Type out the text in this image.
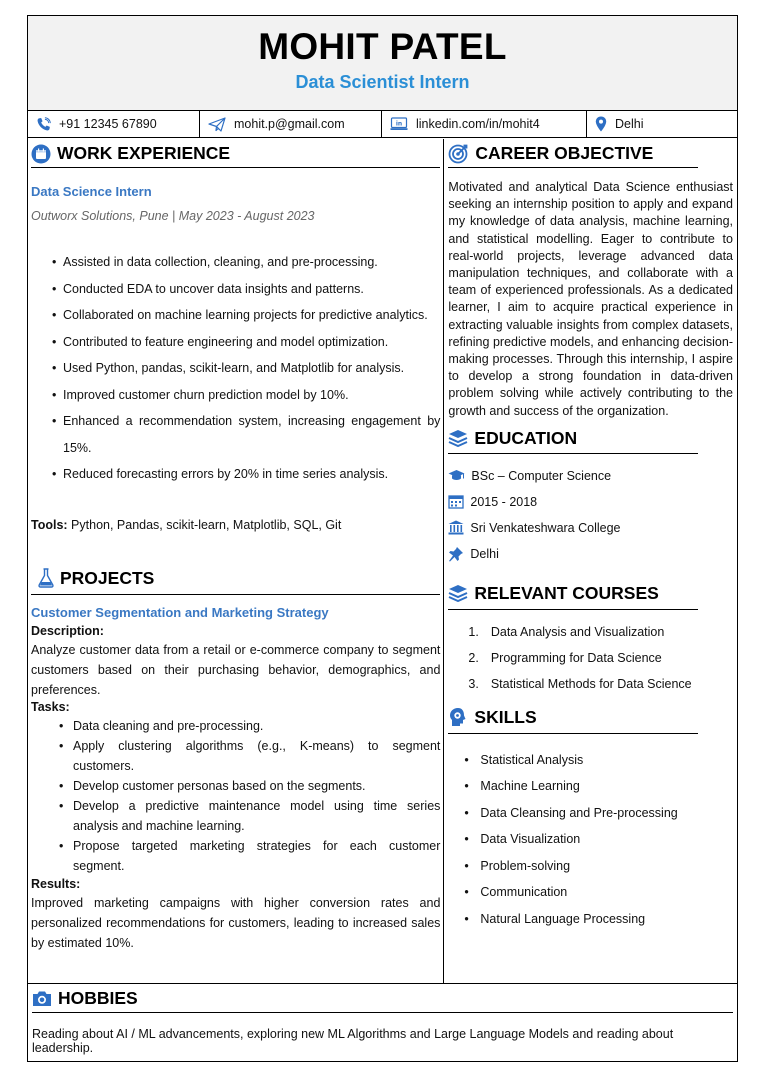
MOHIT PATEL
Data Scientist Intern
+91 12345 67890	mohit.p@gmail.com	in linkedin.com/in/mohit4	Delhi
WORK EXPERIENCE
Data Science Intern
Outworx Solutions, Pune | May 2023 - August 2023
• Assisted in data collection, cleaning, and pre-processing.
• Conducted EDA to uncover data insights and patterns.
• Collaborated on machine learning projects for predictive analytics.
• Contributed to feature engineering and model optimization.
• Used Python, pandas, scikit-learn, and Matplotlib for analysis.
• Improved customer churn prediction model by 10%.
• Enhanced a recommendation system, increasing engagement by 15%.
• Reduced forecasting errors by 20% in time series analysis.
Tools: Python, Pandas, scikit-learn, Matplotlib, SQL, Git
PROJECTS
Customer Segmentation and Marketing Strategy
Description:
Analyze customer data from a retail or e-commerce company to segment customers based on their purchasing behavior, demographics, and preferences.
Tasks:
• Data cleaning and pre-processing.
• Apply clustering algorithms (e.g., K-means) to segment customers.
• Develop customer personas based on the segments.
• Develop a predictive maintenance model using time series analysis and machine learning.
• Propose targeted marketing strategies for each customer segment.
Results:
Improved marketing campaigns with higher conversion rates and personalized recommendations for customers, leading to increased sales by estimated 10%.
CAREER OBJECTIVE
Motivated and analytical Data Science enthusiast seeking an internship position to apply and expand my knowledge of data analysis, machine learning, and statistical modelling. Eager to contribute to real-world projects, leverage advanced data manipulation techniques, and collaborate with a team of experienced professionals. As a dedicated learner, I aim to acquire practical experience in extracting valuable insights from complex datasets, refining predictive models, and enhancing decision-making processes. Through this internship, I aspire to develop a strong foundation in data-driven problem solving while actively contributing to the growth and success of the organization.
EDUCATION
BSc – Computer Science
2015 - 2018
Sri Venkateshwara College
Delhi
RELEVANT COURSES
1. Data Analysis and Visualization
2. Programming for Data Science
3. Statistical Methods for Data Science
SKILLS
• Statistical Analysis
• Machine Learning
• Data Cleansing and Pre-processing
• Data Visualization
• Problem-solving
• Communication
• Natural Language Processing
HOBBIES
Reading about AI / ML advancements, exploring new ML Algorithms and Large Language Models and reading about leadership.
